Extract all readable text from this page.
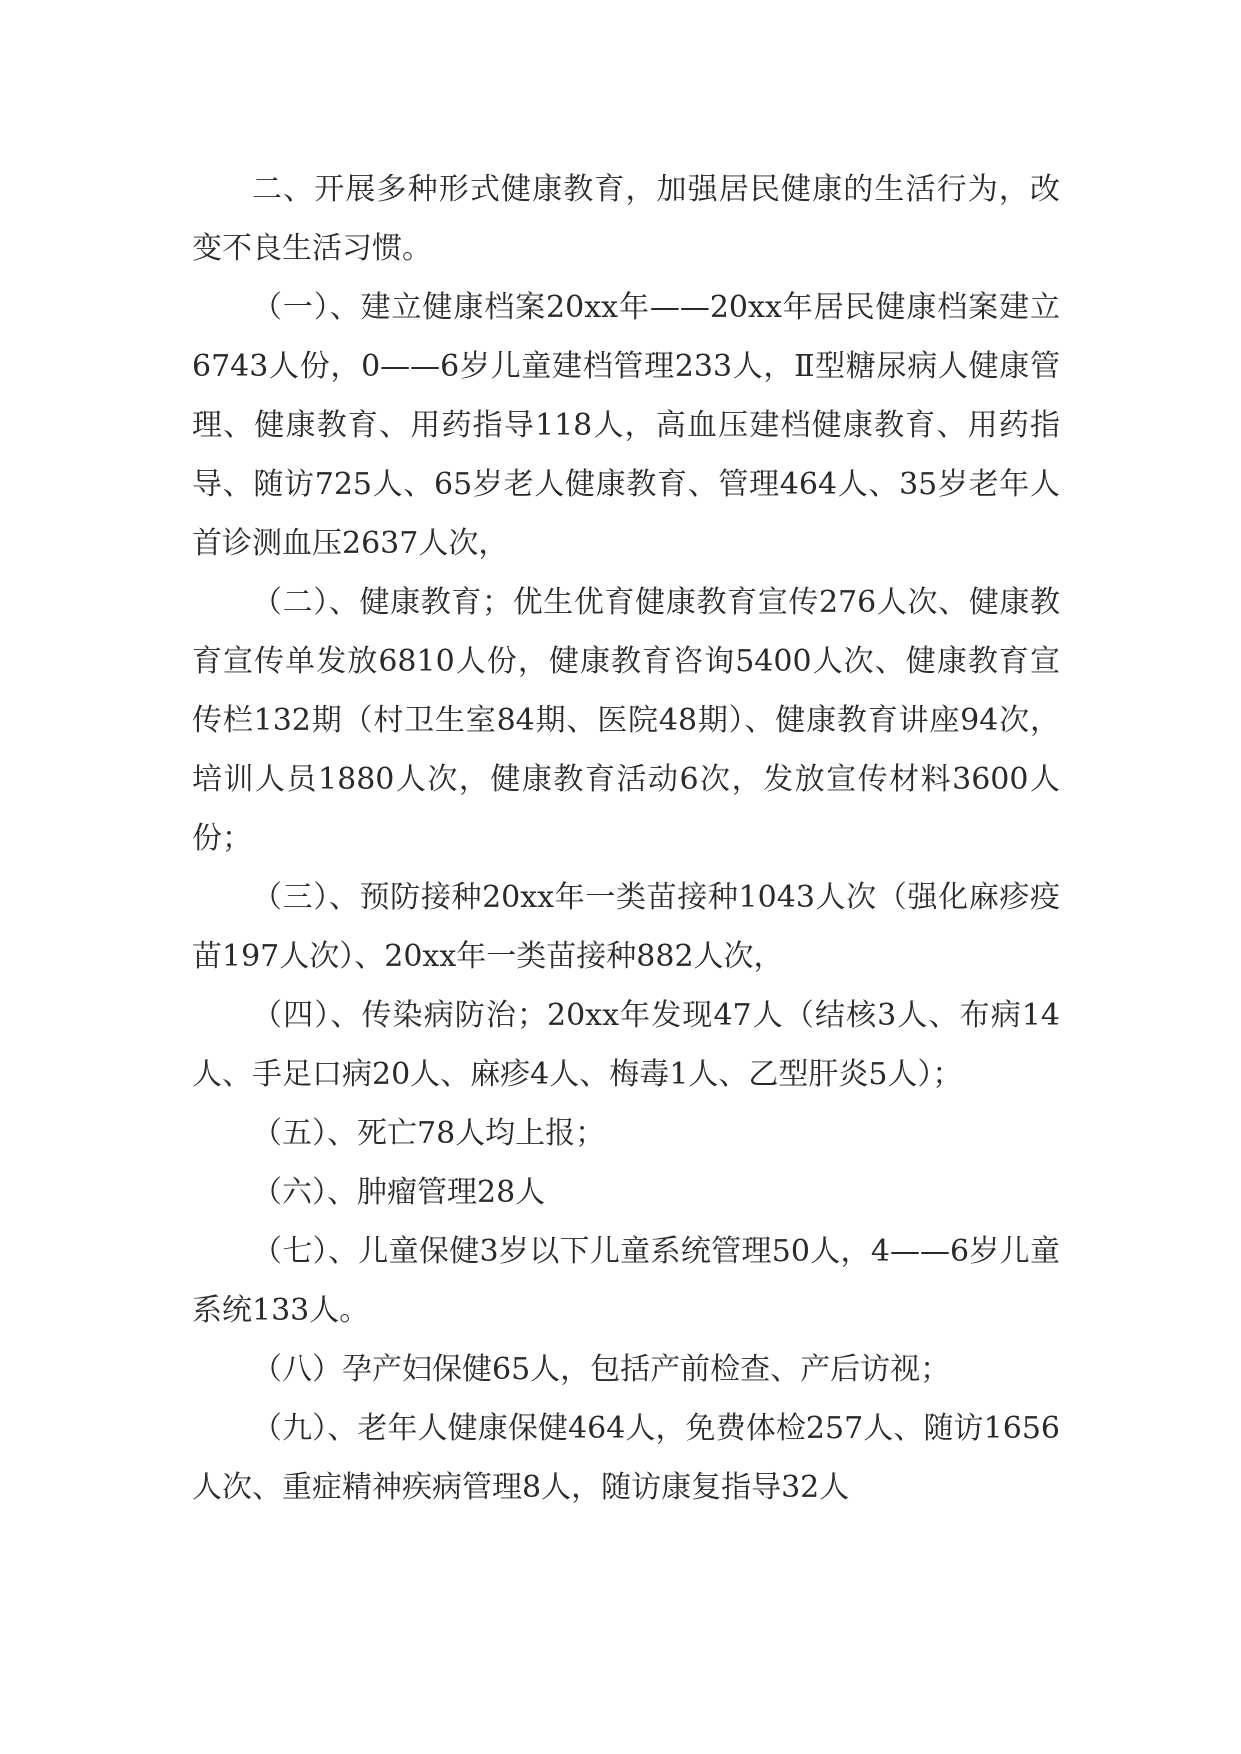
二、开展多种形式健康教育，加强居民健康的生活行为，改变不良生活习惯。

（一）、建立健康档案20xx年——20xx年居民健康档案建立6743人份，0——6岁儿童建档管理233人，Ⅱ型糖尿病人健康管理、健康教育、用药指导118人，高血压建档健康教育、用药指导、随访725人、65岁老人健康教育、管理464人、35岁老年人首诊测血压2637人次，

（二）、健康教育；优生优育健康教育宣传276人次、健康教育宣传单发放6810人份，健康教育咨询5400人次、健康教育宣传栏132期（村卫生室84期、医院48期）、健康教育讲座94次，培训人员1880人次，健康教育活动6次，发放宣传材料3600人份；

（三）、预防接种20xx年一类苗接种1043人次（强化麻疹疫苗197人次）、20xx年一类苗接种882人次，

（四）、传染病防治；20xx年发现47人（结核3人、布病14人、手足口病20人、麻疹4人、梅毒1人、乙型肝炎5人）；

（五）、死亡78人均上报；

（六）、肿瘤管理28人

（七）、儿童保健3岁以下儿童系统管理50人，4——6岁儿童系统133人。

（八）孕产妇保健65人，包括产前检查、产后访视；

（九）、老年人健康保健464人，免费体检257人、随访1656人次、重症精神疾病管理8人，随访康复指导32人
